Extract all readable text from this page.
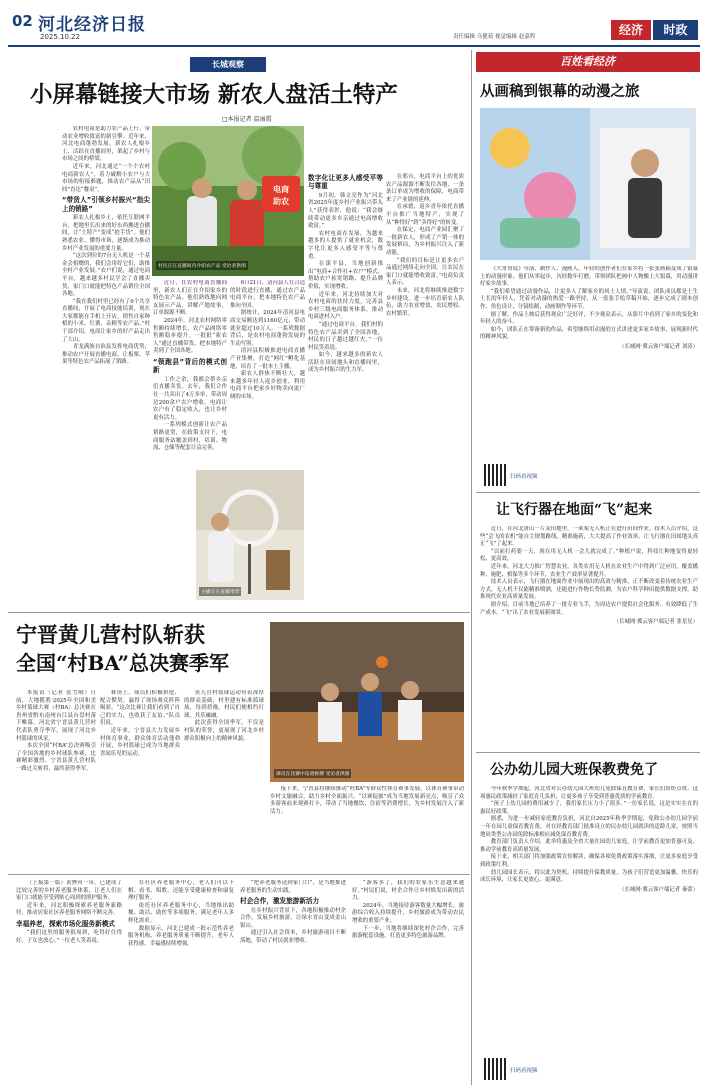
02 河北经济日报
2025.10.22	责任编辑 乌健茹 视觉编辑 赵嘉程	经济	时政
长城观察
小屏幕链接大市场 新农人盘活土特产
□本报记者 温丽霞
农村电商是助力农产品上行、带动农业增收致富的新引擎。近年来，河北电商蓬勃发展，新农人扎根乡土、活跃在直播间里，架起了乡村与市场之间的桥梁。
近年来，河北通过“一个个农村电商新农人”，着力破解小农户与大市场的衔接难题，推动农产品从“田间”直达“餐桌”。
“带货人”引领乡村振兴“指尖上的销路”
新农人扎根乡土，依托互联网平台，把地里长出来的好东西搬进直播间，让“土特产”变成“抢手货”。他们熟悉农业、懂得市场，逐渐成为推动乡村产业发展的重要力量。
“这次到位的7台无人机是一个基金会捐赠的，我们会用好它们，助推全村产业发展。”农户们说，通过电商平台，越来越多村民学会了直播卖货，家门口就能把特色产品销往全国各地。
“我在我们村里已经有了6个共享直播间，开展了电商技能培训，现在大家都能在手机上开店，销售自家种植的小米、红薯、杂粮等农产品。”村干部介绍，电商让家乡的好产品走出了大山。
青龙满族自治县发挥电商优势，推动农户开展直播电商，让板栗、苹果等特色农产品拓展了销路。
电商
助农
村民正在直播间内介绍农产品 受访者供图
近日，在农村电商直播间里，新农人们正在介绍家乡的特色农产品。他们熟练地向网友展示产品，讲解产地故事，订单源源不断。
2024年，河北农村网络零售额持续增长，农产品网络零售额稳步提升。一批批“新农人”通过直播带货，把本地特产卖到了全国各地。
“领跑县”背后的模式创新
工作之余，我都会帮乡亲们直播卖货。去年，我们合作社一共卖出了4万多单，带动周边200余户农户增收。电商让农户有了稳定收入，也让乡村更有活力。
一系列模式创新让农产品销路更宽，在政策支持下，电商服务站覆盖到村，培训、物流、仓储等配套日益完善。
6月21日，清河县人在合适的时段进行直播，通过农产品电商平台，把本地特色农产品推向全国。
据统计，2024年清河县电商交易额达到1160亿元，带动就业超过10万人。一系列数据背后，是农村电商蓬勃发展的生动写照。
清河县积极推进电商直播产业集聚，打造“网红”孵化基地，培育了一批本土主播。
新农人群体不断壮大，越来越多年轻人返乡创业，利用电商平台把家乡好物卖向更广阔的市场。
数字化让更多人感受平等与尊重
9月初，韩文亮作为“河北省2025年度乡村产业振兴带头人”获得表彰，他说：“我会继续带动更多乡亲通过电商增收致富。”
农村电商在发展，为越来越多的人提供了就业机会，数字化让更多人感受平等与尊重。
在滦平县，当地创新推出“电商+合作社+农户”模式，帮助农户拓宽销路、提升品牌价值，实现增收。
近年来，河北持续加大对农村电商的扶持力度，完善县乡村三级电商服务体系，推动电商进村入户。
“通过电商平台，我们村的特色农产品卖到了全国各地，村民的日子越过越红火。”一位村民笑着说。
如今，越来越多的新农人活跃在田间地头和直播间里，成为乡村振兴的生力军。
在邢台，电商平台上的优质农产品源源不断发往各地，一条条订单成为增收的保障，电商带来了产业链的延伸。
在承德，返乡青年依托直播平台推广当地特产，实现了从“种得好”到“卖得好”的转变。
在保定，电商产业园汇聚了一批新农人，形成了产销一体的发展格局，为乡村振兴注入了新动能。
“我们的目标是让更多农产品通过网络走向全国，让农民在家门口就能增收致富。”电商负责人表示。
未来，河北将继续推进数字乡村建设，进一步培育新农人队伍，助力农业增效、农民增收、农村繁荣。
主播正在直播带货
宁晋黄儿营村队斩获
全国“村BA”总决赛季军
球员在比赛中奋勇拼搏 受访者供图
本报讯（记者 张雪晴）日前，大地揽胜·2025年全国和美乡村篮球大赛（村BA）总决赛在贵州省黔东南州台江县台盘村落下帷幕。河北省宁晋县黄儿营村代表队勇夺季军，展现了河北乡村篮球的风采。
本次全国“村BA”总决赛吸引了全国各地的乡村球队参赛，比赛精彩激烈。宁晋县黄儿营村队一路过关斩将，最终获得季军。
赛场上，球员们积极拼抢、配合默契，赢得了现场观众阵阵喝彩。“这次比赛让我们看到了自己的实力，也收获了友谊。”队员们说。
近年来，宁晋县大力发展乡村体育事业，群众体育活动蓬勃开展，乡村篮球已成为当地群众喜闻乐见的运动。
黄儿营村篮球运动有着深厚的群众基础，村里建有标准篮球场，每到傍晚，村民们便相约打球，其乐融融。
此次获得全国季军，不仅是村队的荣誉，更展现了河北乡村群众积极向上的精神风貌。
接下来，宁晋县将继续推动“村BA”等群众性体育赛事发展，以体育赛事带动乡村文旅融合，助力乡村全面振兴。“以赛促旅”成为当地发展新亮点，吸引了众多游客前来观赛打卡，带动了当地餐饮、住宿等消费增长，为乡村发展注入了新活力。
（上接第一版）黄骅河一带，已建成了比较完善的乡村养老服务体系，让老人们在家门口就能享受到贴心周到的照护服务。
近年来，河北积极探索养老服务新路径，推动居家社区养老服务网络不断完善。
幸福养老，探索市场化服务新模式
“我们这里的服务很周到，吃得好住得好，子女也放心。”一位老人笑着说。
在社区养老服务中心，老人们可以下棋、看书、唱歌，还能享受健康检查和康复理疗服务。
依托社区养老服务中心，当地推出助餐、助洁、助医等多项服务，满足老年人多样化需求。
数据显示，河北已建成一批示范性养老服务机构，养老服务质量不断提升，老年人获得感、幸福感持续增强。
“把养老服务送到家门口”，是当地推进养老服务的生动实践。
村企合作，激发旅游新活力
在乡村振兴背景下，各地积极推动村企合作，发展乡村旅游，让绿水青山变成金山银山。
通过引入社会资本，乡村旅游项目不断落地，带动了村民就业增收。
“游客多了，我们的农家乐生意越来越好。”村民们说，村企合作让乡村焕发出新的活力。
2024年，当地接待游客数量大幅增长，旅游综合收入持续提升，乡村旅游成为带动农民增收的重要产业。
下一步，当地将继续深化村企合作，完善旅游配套设施，打造更多特色旅游品牌。
百姓看经济
从画稿到银幕的动漫之旅
《大哥哥说》导演、制作人、漫画人，年轻的创作者们在家乡将一张张画稿变成了银幕上的动漫形象。他们从零起步，历经数年打磨，带领团队把画中人物搬上大银幕，用动漫讲好家乡故事。
“我们希望通过动漫作品，让更多人了解家乡的风土人情。”导演说，团队成员都是土生土长的年轻人，凭着对动漫的热爱一路坚持，从一张张手绘草稿开始，逐步完成了剧本创作、角色设计、分镜绘制、动画制作等环节。
据了解，作品上映后获得观众广泛好评，不少观众表示，从影片中看到了家乡的变化和年轻人的奋斗。
如今，团队正在筹备新的作品，希望继续用动漫的方式讲述更多家乡故事，展现新时代的精神风貌。
（长城网·冀云客户端记者 刘涛）
扫码看视频
让飞行器在地面“飞”起来
近日，在河北唐山一片麦田地里，一架架无人机正在进行田间作业。技术人员介绍，这些“会飞的农机”能自主规划路线，精准施药，大大提高了作业效率，让飞行器在田间地头真正“飞”了起来。
“以前打药要一天，现在用无人机一会儿就完成了。”种植户说，科技让种地变得更轻松、更高效。
近年来，河北大力推广智慧农业，各类农用无人机在农业生产中得到广泛应用，覆盖播种、施肥、植保等多个环节，农业生产效率显著提升。
技术人员表示，飞行器在地面作业中展现出的高效与精准，正不断改变着传统农业生产方式。无人机不仅能精准喷洒，还能进行作物长势监测，为农户科学种田提供数据支撑，助推现代农业高质量发展。
据介绍，目前当地已培养了一批专业飞手，为周边农户提供社会化服务，有效降低了生产成本，“飞”出了农业发展新图景。
（长城网·冀云客户端记者 张星星）
公办幼儿园大班保教费免了
今年秋季学期起，河北省对公办幼儿园大班幼儿免除保育教育费，家长们纷纷点赞。这项惠民政策减轻了家庭育儿负担，让更多孩子享受到普惠优质的学前教育。
“孩子上幼儿园的费用减少了，我们家长压力小了很多。”一位家长说，这是实实在在的惠民好政策。
据悉，为进一步减轻家庭教育负担，河北自2025年秋季学期起，免除公办幼儿园学前一年在园儿童保育教育费，对在经教育部门批准设立的民办幼儿园就读的适龄儿童，按照当地同类型公办园免除标准相应减免保育教育费。
教育部门负责人介绍，此举将惠及全省大量在园幼儿家庭，让学前教育更加普惠可及，推动学前教育高质量发展。
接下来，相关部门将加强政策宣传解读，确保各项免费政策落实落细，让更多家庭享受到政策红利。
幼儿园园长表示，将以此为契机，持续提升保教质量，为孩子们营造更加温馨、快乐的成长环境，让家长更放心、更满意。
（长城网·冀云客户端记者 秦蕾）
扫码看视频
